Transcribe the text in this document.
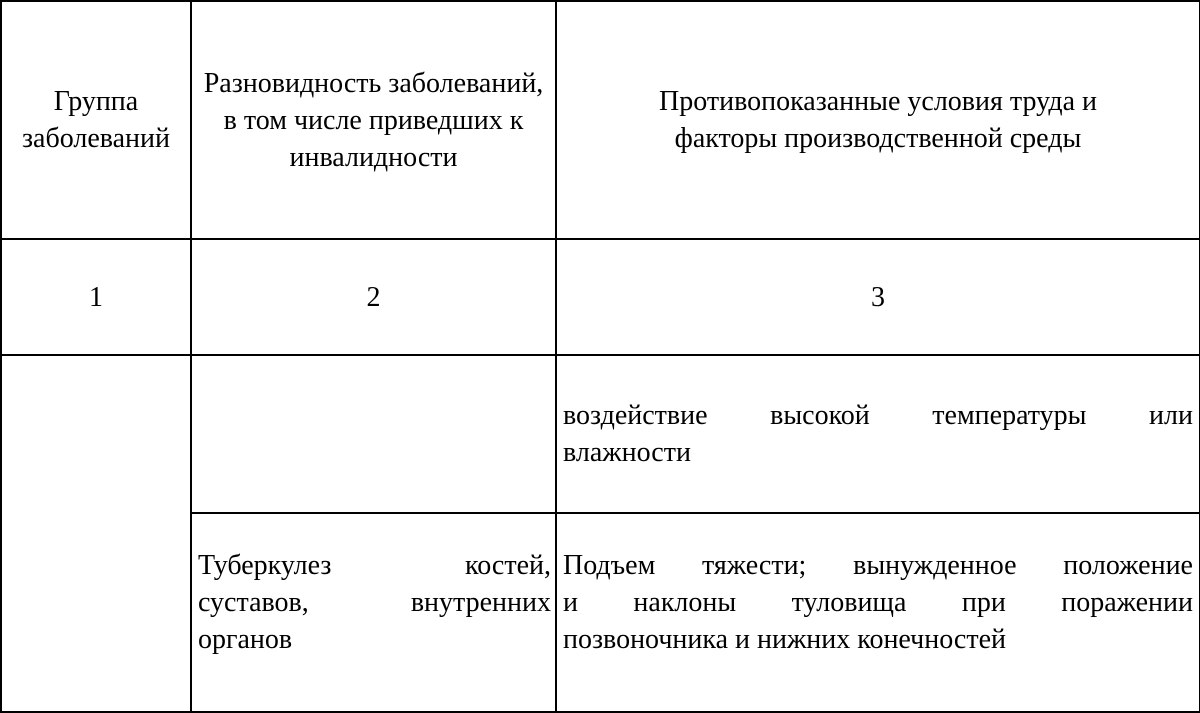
Группа заболеваний	Разновидность заболеваний, в том числе приведших к инвалидности	Противопоказанные условия труда и факторы производственной среды
1	2	3

		воздействие высокой температуры или
влажности

	Туберкулез костей,
суставов, внутренних
органов	Подъем тяжести; вынужденное положение
и наклоны туловища при поражении
позвоночника и нижних конечностей
